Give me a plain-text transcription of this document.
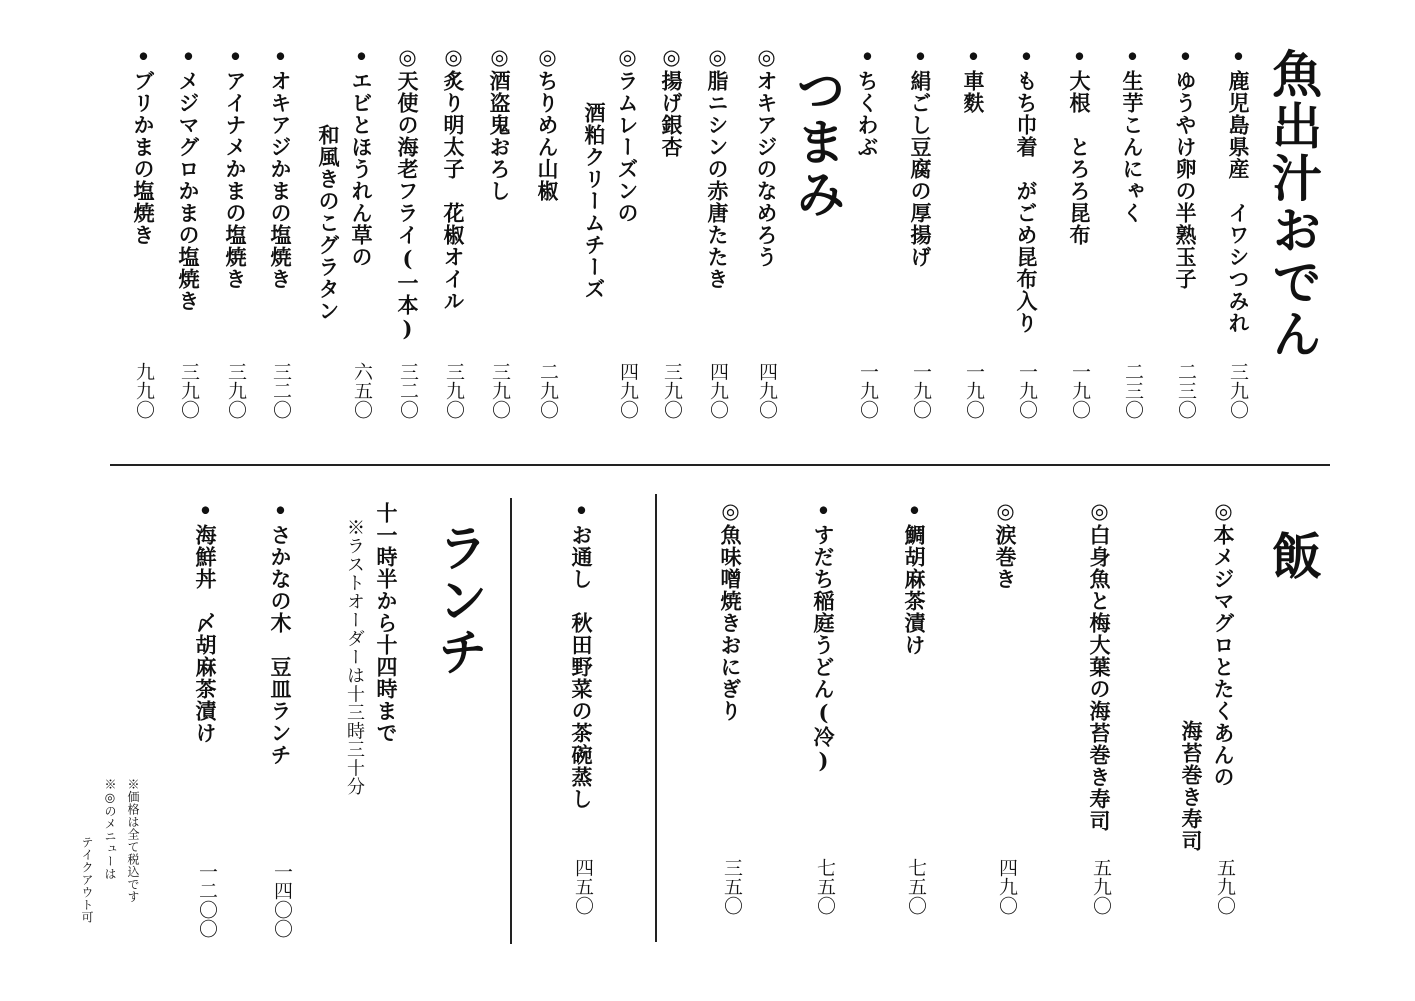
魚出汁おでん
•鹿児島県産　イワシつみれ
三九〇
•ゆうやけ卵の半熟玉子
二三〇
•生芋こんにゃく
二三〇
•大根　とろろ昆布
一九〇
•もち巾着　がごめ昆布入り
一九〇
•車麩
一九〇
•絹ごし豆腐の厚揚げ
一九〇
•ちくわぶ
一九〇
つまみ
◎オキアジのなめろう
四九〇
◎脂ニシンの赤唐たたき
四九〇
◎揚げ銀杏
三九〇
◎ラムレーズンの
酒粕クリームチーズ
四九〇
◎ちりめん山椒
二九〇
◎酒盗鬼おろし
三九〇
◎炙り明太子　花椒オイル
三九〇
◎天使の海老フライ(一本)
三二〇
•エビとほうれん草の
和風きのこグラタン
六五〇
•オキアジかまの塩焼き
三二〇
•アイナメかまの塩焼き
三九〇
•メジマグロかまの塩焼き
三九〇
•ブリかまの塩焼き
九九〇
飯
◎本メジマグロとたくあんの
海苔巻き寿司
五九〇
◎白身魚と梅大葉の海苔巻き寿司
五九〇
◎涙巻き
四九〇
•鯛胡麻茶漬け
七五〇
•すだち稲庭うどん(冷)
七五〇
◎魚味噌焼きおにぎり
三五〇
•お通し　秋田野菜の茶碗蒸し
四五〇
ランチ
十一時半から十四時まで
※ラストオーダーは十三時三十分
•さかなの木　豆皿ランチ
一四〇〇
•海鮮丼　〆胡麻茶漬け
一二〇〇
※価格は全て税込です
※◎のメニューは
テイクアウト可
